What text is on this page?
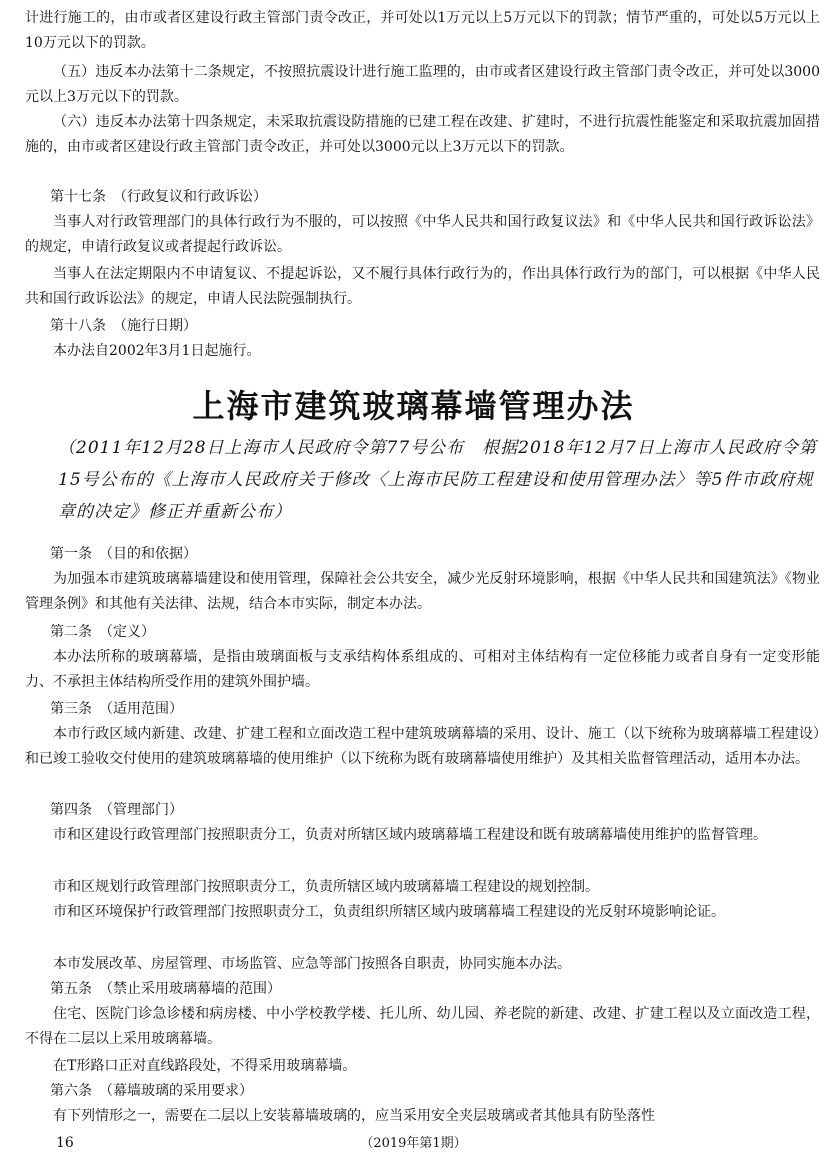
计进行施工的，由市或者区建设行政主管部门责令改正，并可处以1万元以上5万元以下的罚款；情节严重的，可处以5万元以上10万元以下的罚款。

（五）违反本办法第十二条规定，不按照抗震设计进行施工监理的，由市或者区建设行政主管部门责令改正，并可处以3000元以上3万元以下的罚款。

（六）违反本办法第十四条规定，未采取抗震设防措施的已建工程在改建、扩建时，不进行抗震性能鉴定和采取抗震加固措施的，由市或者区建设行政主管部门责令改正，并可处以3000元以上3万元以下的罚款。

第十七条　（行政复议和行政诉讼）

当事人对行政管理部门的具体行政行为不服的，可以按照《中华人民共和国行政复议法》和《中华人民共和国行政诉讼法》的规定，申请行政复议或者提起行政诉讼。

当事人在法定期限内不申请复议、不提起诉讼，又不履行具体行政行为的，作出具体行政行为的部门，可以根据《中华人民共和国行政诉讼法》的规定，申请人民法院强制执行。

第十八条　（施行日期）

本办法自2002年3月1日起施行。

上海市建筑玻璃幕墙管理办法

（2011年12月28日上海市人民政府令第77号公布　根据2018年12月7日上海市人民政府令第15号公布的《上海市人民政府关于修改〈上海市民防工程建设和使用管理办法〉等5件市政府规章的决定》修正并重新公布）

第一条　（目的和依据）

为加强本市建筑玻璃幕墙建设和使用管理，保障社会公共安全，减少光反射环境影响，根据《中华人民共和国建筑法》《物业管理条例》和其他有关法律、法规，结合本市实际，制定本办法。

第二条　（定义）

本办法所称的玻璃幕墙，是指由玻璃面板与支承结构体系组成的、可相对主体结构有一定位移能力或者自身有一定变形能力、不承担主体结构所受作用的建筑外围护墙。

第三条　（适用范围）

本市行政区域内新建、改建、扩建工程和立面改造工程中建筑玻璃幕墙的采用、设计、施工（以下统称为玻璃幕墙工程建设）和已竣工验收交付使用的建筑玻璃幕墙的使用维护（以下统称为既有玻璃幕墙使用维护）及其相关监督管理活动，适用本办法。

第四条　（管理部门）

市和区建设行政管理部门按照职责分工，负责对所辖区域内玻璃幕墙工程建设和既有玻璃幕墙使用维护的监督管理。

市和区规划行政管理部门按照职责分工，负责所辖区域内玻璃幕墙工程建设的规划控制。

市和区环境保护行政管理部门按照职责分工，负责组织所辖区域内玻璃幕墙工程建设的光反射环境影响论证。

本市发展改革、房屋管理、市场监管、应急等部门按照各自职责，协同实施本办法。

第五条　（禁止采用玻璃幕墙的范围）

住宅、医院门诊急诊楼和病房楼、中小学校教学楼、托儿所、幼儿园、养老院的新建、改建、扩建工程以及立面改造工程，不得在二层以上采用玻璃幕墙。

在T形路口正对直线路段处，不得采用玻璃幕墙。

第六条　（幕墙玻璃的采用要求）

有下列情形之一，需要在二层以上安装幕墙玻璃的，应当采用安全夹层玻璃或者其他具有防坠落性

16	（2019年第1期）
